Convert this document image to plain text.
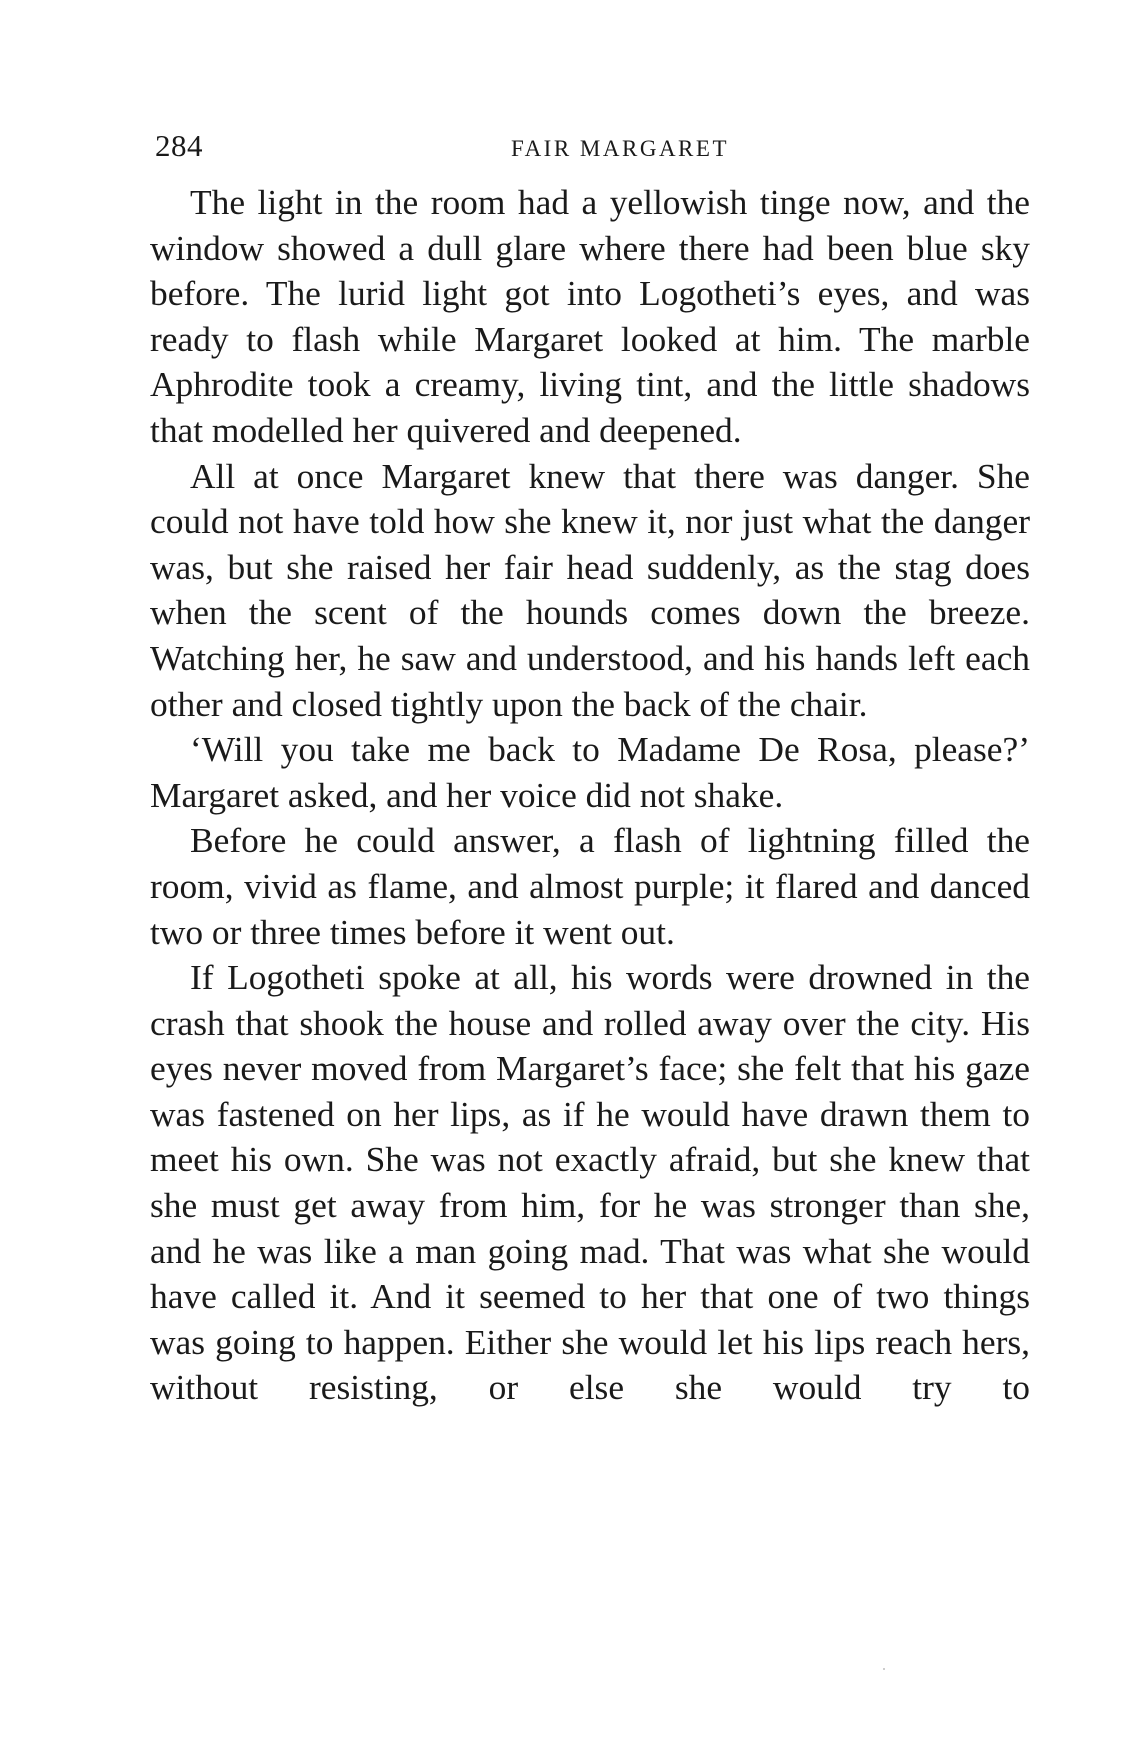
284	FAIR MARGARET

The light in the room had a yellowish tinge now, and the window showed a dull glare where there had been blue sky before. The lurid light got into Logotheti’s eyes, and was ready to flash while Margaret looked at him. The marble Aphrodite took a creamy, living tint, and the little shadows that modelled her quivered and deepened.

All at once Margaret knew that there was danger. She could not have told how she knew it, nor just what the danger was, but she raised her fair head suddenly, as the stag does when the scent of the hounds comes down the breeze. Watching her, he saw and understood, and his hands left each other and closed tightly upon the back of the chair.

‘Will you take me back to Madame De Rosa, please?’ Margaret asked, and her voice did not shake.

Before he could answer, a flash of lightning filled the room, vivid as flame, and almost purple; it flared and danced two or three times before it went out.

If Logotheti spoke at all, his words were drowned in the crash that shook the house and rolled away over the city. His eyes never moved from Margaret’s face; she felt that his gaze was fastened on her lips, as if he would have drawn them to meet his own. She was not exactly afraid, but she knew that she must get away from him, for he was stronger than she, and he was like a man going mad. That was what she would have called it. And it seemed to her that one of two things was going to happen. Either she would let his lips reach hers, without resisting, or else she would try to
